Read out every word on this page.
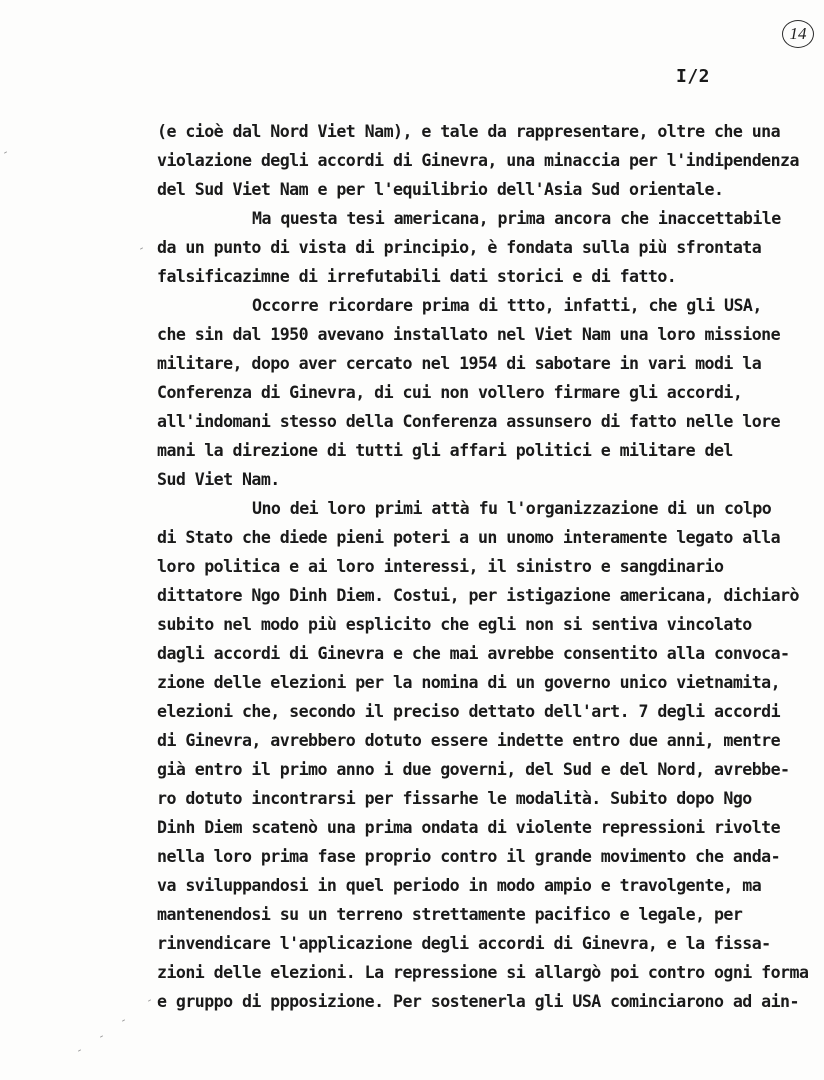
14
I/2
(e cioè dal Nord Viet Nam), e tale da rappresentare, oltre che una
violazione degli accordi di Ginevra, una minaccia per l'indipendenza
del Sud Viet Nam e per l'equilibrio dell'Asia Sud orientale.
Ma questa tesi americana, prima ancora che inaccettabile
da un punto di vista di principio, è fondata sulla più sfrontata
falsificazimne di irrefutabili dati storici e di fatto.
Occorre ricordare prima di ttto, infatti, che gli USA,
che sin dal 1950 avevano installato nel Viet Nam una loro missione
militare, dopo aver cercato nel 1954 di sabotare in vari modi la
Conferenza di Ginevra, di cui non vollero firmare gli accordi,
all'indomani stesso della Conferenza assunsero di fatto nelle lore
mani la direzione di tutti gli affari politici e militare del
Sud Viet Nam.
Uno dei loro primi attà fu l'organizzazione di un colpo
di Stato che diede pieni poteri a un unomo interamente legato alla
loro politica e ai loro interessi, il sinistro e sangdinario
dittatore Ngo Dinh Diem. Costui, per istigazione americana, dichiarò
subito nel modo più esplicito che egli non si sentiva vincolato
dagli accordi di Ginevra e che mai avrebbe consentito alla convoca-
zione delle elezioni per la nomina di un governo unico vietnamita,
elezioni che, secondo il preciso dettato dell'art. 7 degli accordi
di Ginevra, avrebbero dotuto essere indette entro due anni, mentre
già entro il primo anno i due governi, del Sud e del Nord, avrebbe-
ro dotuto incontrarsi per fissarhe le modalità. Subito dopo Ngo
Dinh Diem scatenò una prima ondata di violente repressioni rivolte
nella loro prima fase proprio contro il grande movimento che anda-
va sviluppandosi in quel periodo in modo ampio e travolgente, ma
mantenendosi su un terreno strettamente pacifico e legale, per
rinvendicare l'applicazione degli accordi di Ginevra, e la fissa-
zioni delle elezioni. La repressione si allargò poi contro ogni forma
e gruppo di ppposizione. Per sostenerla gli USA cominciarono ad ain-
